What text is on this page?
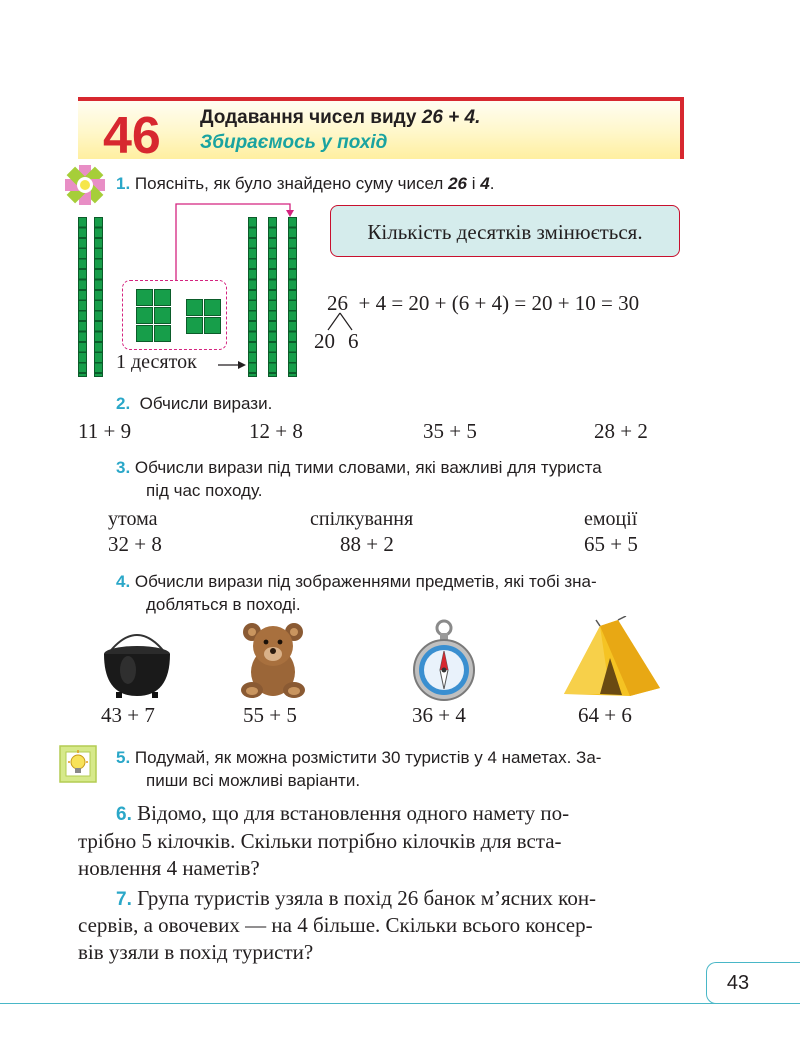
46 Додавання чисел виду 26 + 4.
Збираємось у похід
1. Поясніть, як було знайдено суму чисел 26 і 4.
1 десяток
Кількість десятків змінюється.
26  + 4 = 20 + (6 + 4) = 20 + 10 = 30
20 6
2. Обчисли вирази.
11 + 9	12 + 8	35 + 5	28 + 2
3. Обчисли вирази під тими словами, які важливі для туриста
під час походу.
утома	спілкування	емоції
32 + 8	88 + 2	65 + 5
4. Обчисли вирази під зображеннями предметів, які тобі зна-
добляться в поході.
43 + 7	55 + 5	36 + 4	64 + 6
5. Подумай, як можна розмістити 30 туристів у 4 наметах. За-
пиши всі можливі варіанти.
6. Відомо, що для встановлення одного намету по-
трібно 5 кілочків. Скільки потрібно кілочків для вста-
новлення 4 наметів?
7. Група туристів узяла в похід 26 банок м’ясних кон-
сервів, а овочевих — на 4 більше. Скільки всього консер-
вів узяли в похід туристи?
43
